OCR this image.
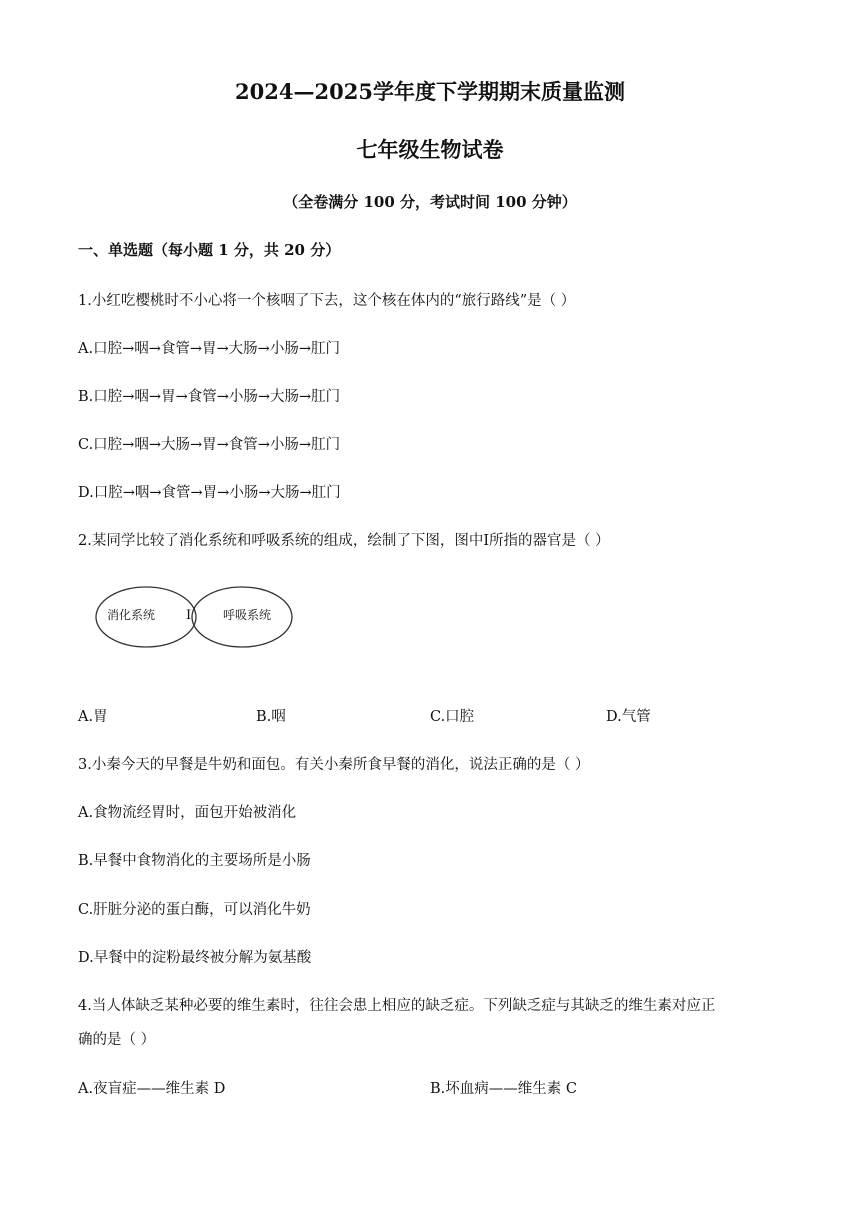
2024—2025学年度下学期期末质量监测
七年级生物试卷
（全卷满分 100 分，考试时间 100 分钟）
一、单选题（每小题 1 分，共 20 分）
1.小红吃樱桃时不小心将一个核咽了下去，这个核在体内的“旅行路线”是（ ）
A.口腔→咽→食管→胃→大肠→小肠→肛门
B.口腔→咽→胃→食管→小肠→大肠→肛门
C.口腔→咽→大肠→胃→食管→小肠→肛门
D.口腔→咽→食管→胃→小肠→大肠→肛门
2.某同学比较了消化系统和呼吸系统的组成，绘制了下图，图中Ⅰ所指的器官是（ ）
消化系统 Ⅰ	呼吸系统
A.胃	B.咽	C.口腔	D.气管
3.小秦今天的早餐是牛奶和面包。有关小秦所食早餐的消化，说法正确的是（ ）
A.食物流经胃时，面包开始被消化
B.早餐中食物消化的主要场所是小肠
C.肝脏分泌的蛋白酶，可以消化牛奶
D.早餐中的淀粉最终被分解为氨基酸
4.当人体缺乏某种必要的维生素时，往往会患上相应的缺乏症。下列缺乏症与其缺乏的维生素对应正
确的是（ ）
A.夜盲症——维生素 D	B.坏血病——维生素 C
